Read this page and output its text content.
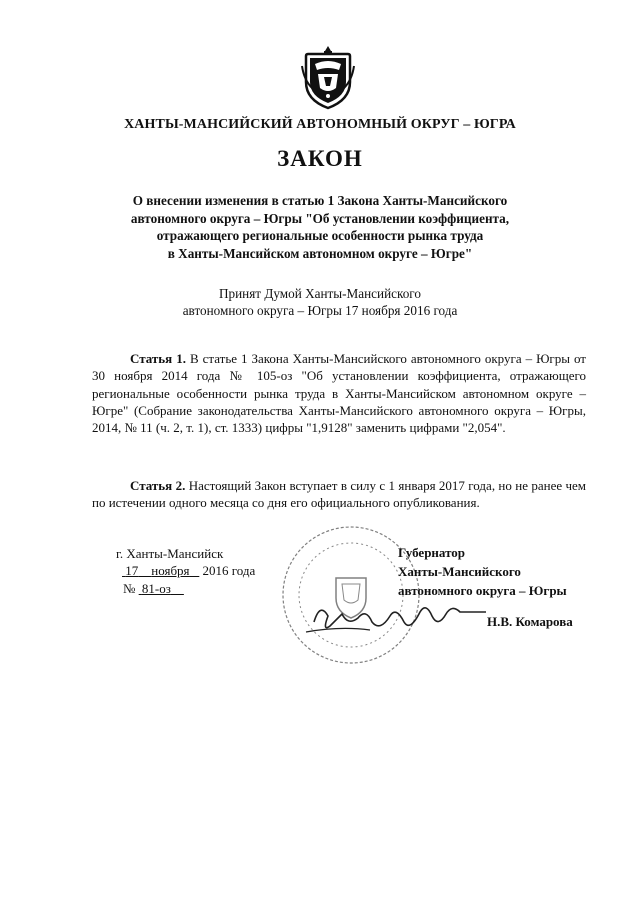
ХАНТЫ-МАНСИЙСКИЙ АВТОНОМНЫЙ ОКРУГ – ЮГРА
ЗАКОН
О внесении изменения в статью 1 Закона Ханты-Мансийского
автономного округа – Югры "Об установлении коэффициента,
отражающего региональные особенности рынка труда
в Ханты-Мансийском автономном округе – Югре"
Принят Думой Ханты-Мансийского
автономного округа – Югры 17 ноября 2016 года
Статья 1. В статье 1 Закона Ханты-Мансийского автономного округа – Югры от 30 ноября 2014 года № 105-оз "Об установлении коэффициента, отражающего региональные особенности рынка труда в Ханты-Мансийском автономном округе – Югре" (Собрание законодательства Ханты-Мансийского автономного округа – Югры, 2014, № 11 (ч. 2, т. 1), ст. 1333) цифры "1,9128" заменить цифрами "2,054".
Статья 2. Настоящий Закон вступает в силу с 1 января 2017 года, но не ранее чем по истечении одного месяца со дня его официального опубликования.
г. Ханты-Мансийск
17 ноября 2016 года
№ 81-оз
Губернатор
Ханты-Мансийского
автономного округа – Югры
Н.В. Комарова
